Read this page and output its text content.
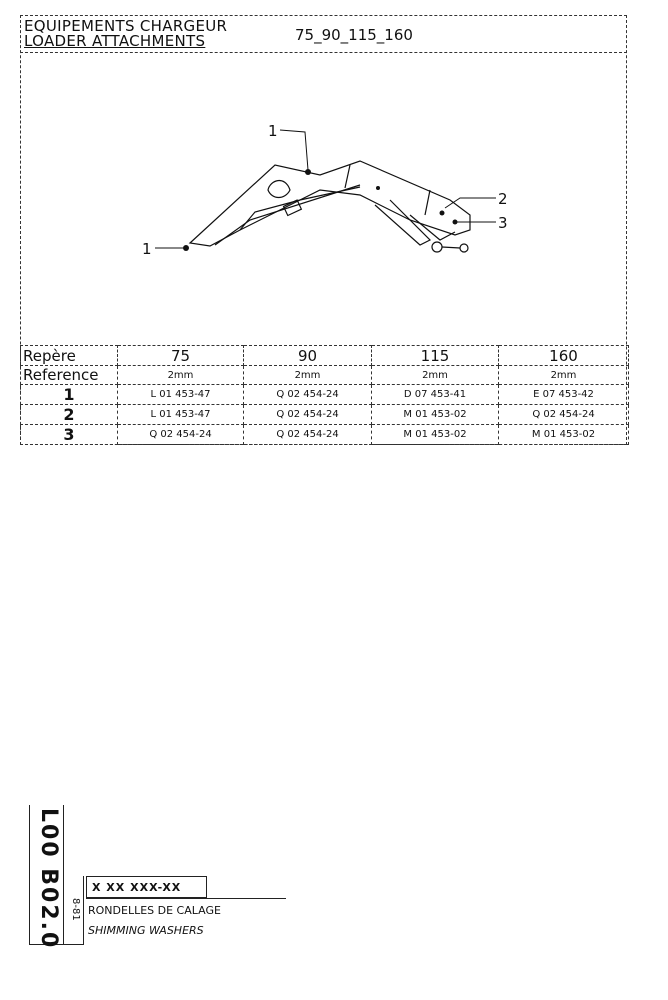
EQUIPEMENTS CHARGEUR
LOADER ATTACHMENTS	75_90_115_160
1
1
2
3
Repère	75	90	115	160
Reference	2mm	2mm	2mm	2mm
1	L 01 453-47	Q 02 454-24	D 07 453-41	E 07 453-42
2	L 01 453-47	Q 02 454-24	M 01 453-02	Q 02 454-24
3	Q 02 454-24	Q 02 454-24	M 01 453-02	M 01 453-02
L00 B02.0 8-81
X XX XXX-XX
RONDELLES DE CALAGE
SHIMMING WASHERS
